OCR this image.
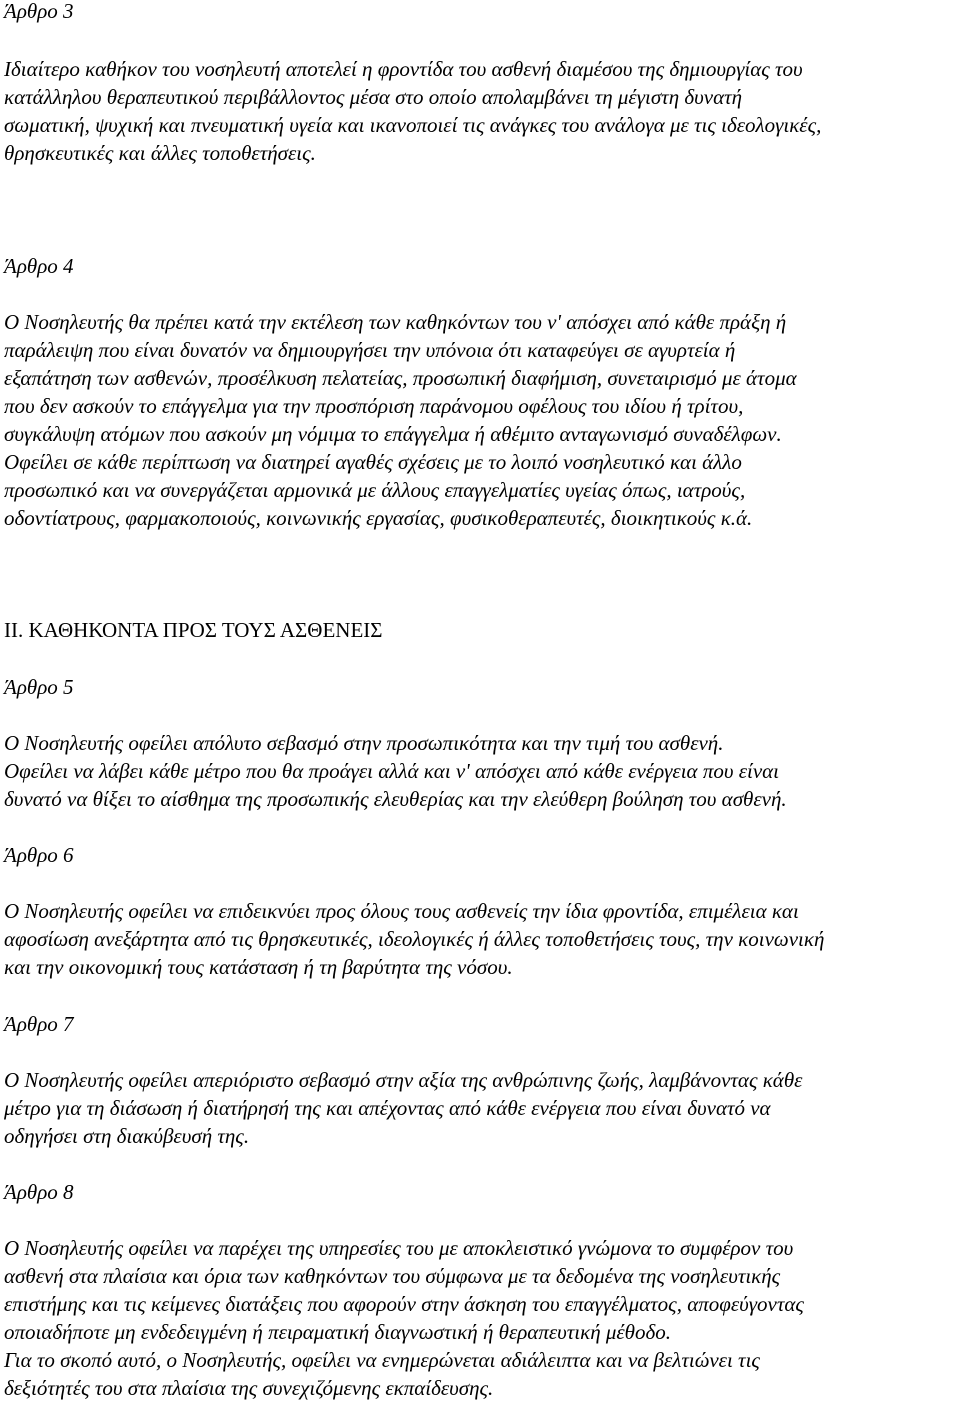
Άρθρο 3
Ιδιαίτερο καθήκον του νοσηλευτή αποτελεί η φροντίδα του ασθενή διαμέσου της δημιουργίας του
κατάλληλου θεραπευτικού περιβάλλοντος μέσα στο οποίο απολαμβάνει τη μέγιστη δυνατή
σωματική, ψυχική και πνευματική υγεία και ικανοποιεί τις ανάγκες του ανάλογα με τις ιδεολογικές,
θρησκευτικές και άλλες τοποθετήσεις.
Άρθρο 4
Ο Νοσηλευτής θα πρέπει κατά την εκτέλεση των καθηκόντων του ν' απόσχει από κάθε πράξη ή
παράλειψη που είναι δυνατόν να δημιουργήσει την υπόνοια ότι καταφεύγει σε αγυρτεία ή
εξαπάτηση των ασθενών, προσέλκυση πελατείας, προσωπική διαφήμιση, συνεταιρισμό με άτομα
που δεν ασκούν το επάγγελμα για την προσπόριση παράνομου οφέλους του ιδίου ή τρίτου,
συγκάλυψη ατόμων που ασκούν μη νόμιμα το επάγγελμα ή αθέμιτο ανταγωνισμό συναδέλφων.
Οφείλει σε κάθε περίπτωση να διατηρεί αγαθές σχέσεις με το λοιπό νοσηλευτικό και άλλο
προσωπικό και να συνεργάζεται αρμονικά με άλλους επαγγελματίες υγείας όπως, ιατρούς,
οδοντίατρους, φαρμακοποιούς, κοινωνικής εργασίας, φυσικοθεραπευτές, διοικητικούς κ.ά.
ΙΙ. ΚΑΘΗΚΟΝΤΑ ΠΡΟΣ ΤΟΥΣ ΑΣΘΕΝΕΙΣ
Άρθρο 5
Ο Νοσηλευτής οφείλει απόλυτο σεβασμό στην προσωπικότητα και την τιμή του ασθενή.
Οφείλει να λάβει κάθε μέτρο που θα προάγει αλλά και ν' απόσχει από κάθε ενέργεια που είναι
δυνατό να θίξει το αίσθημα της προσωπικής ελευθερίας και την ελεύθερη βούληση του ασθενή.
Άρθρο 6
Ο Νοσηλευτής οφείλει να επιδεικνύει προς όλους τους ασθενείς την ίδια φροντίδα, επιμέλεια και
αφοσίωση ανεξάρτητα από τις θρησκευτικές, ιδεολογικές ή άλλες τοποθετήσεις τους, την κοινωνική
και την οικονομική τους κατάσταση ή τη βαρύτητα της νόσου.
Άρθρο 7
Ο Νοσηλευτής οφείλει απεριόριστο σεβασμό στην αξία της ανθρώπινης ζωής, λαμβάνοντας κάθε
μέτρο για τη διάσωση ή διατήρησή της και απέχοντας από κάθε ενέργεια που είναι δυνατό να
οδηγήσει στη διακύβευσή της.
Άρθρο 8
Ο Νοσηλευτής οφείλει να παρέχει της υπηρεσίες του με αποκλειστικό γνώμονα το συμφέρον του
ασθενή στα πλαίσια και όρια των καθηκόντων του σύμφωνα με τα δεδομένα της νοσηλευτικής
επιστήμης και τις κείμενες διατάξεις που αφορούν στην άσκηση του επαγγέλματος, αποφεύγοντας
οποιαδήποτε μη ενδεδειγμένη ή πειραματική διαγνωστική ή θεραπευτική μέθοδο.
Για το σκοπό αυτό, ο Νοσηλευτής, οφείλει να ενημερώνεται αδιάλειπτα και να βελτιώνει τις
δεξιότητές του στα πλαίσια της συνεχιζόμενης εκπαίδευσης.
